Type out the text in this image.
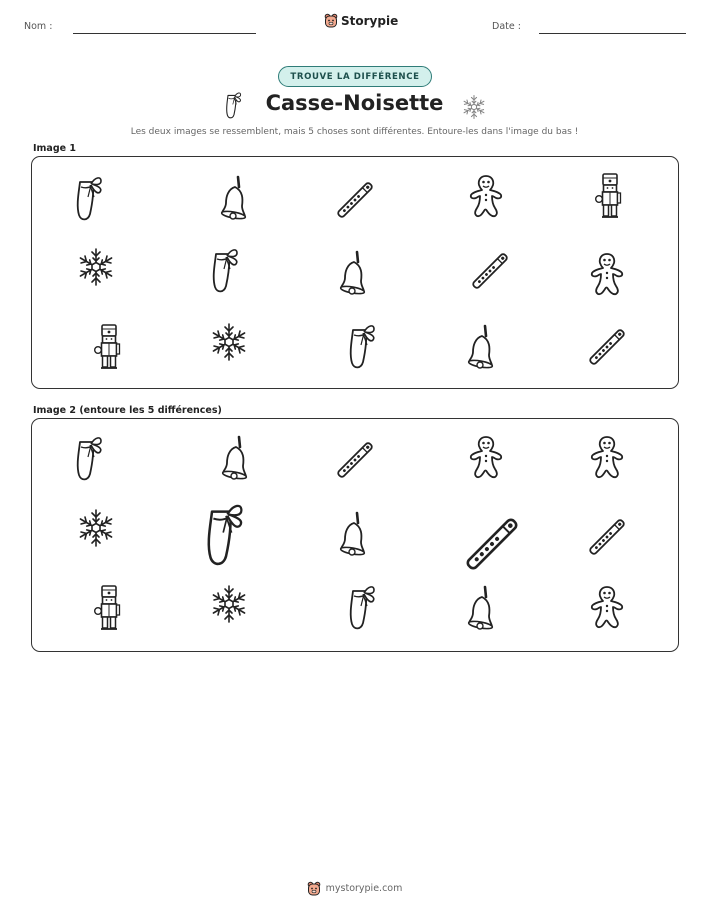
Nom :	Storypie	Date :
TROUVE LA DIFFÉRENCE
Casse-Noisette
Les deux images se ressemblent, mais 5 choses sont différentes. Entoure-les dans l'image du bas !
Image 1
Image 2 (entoure les 5 différences)
mystorypie.com
